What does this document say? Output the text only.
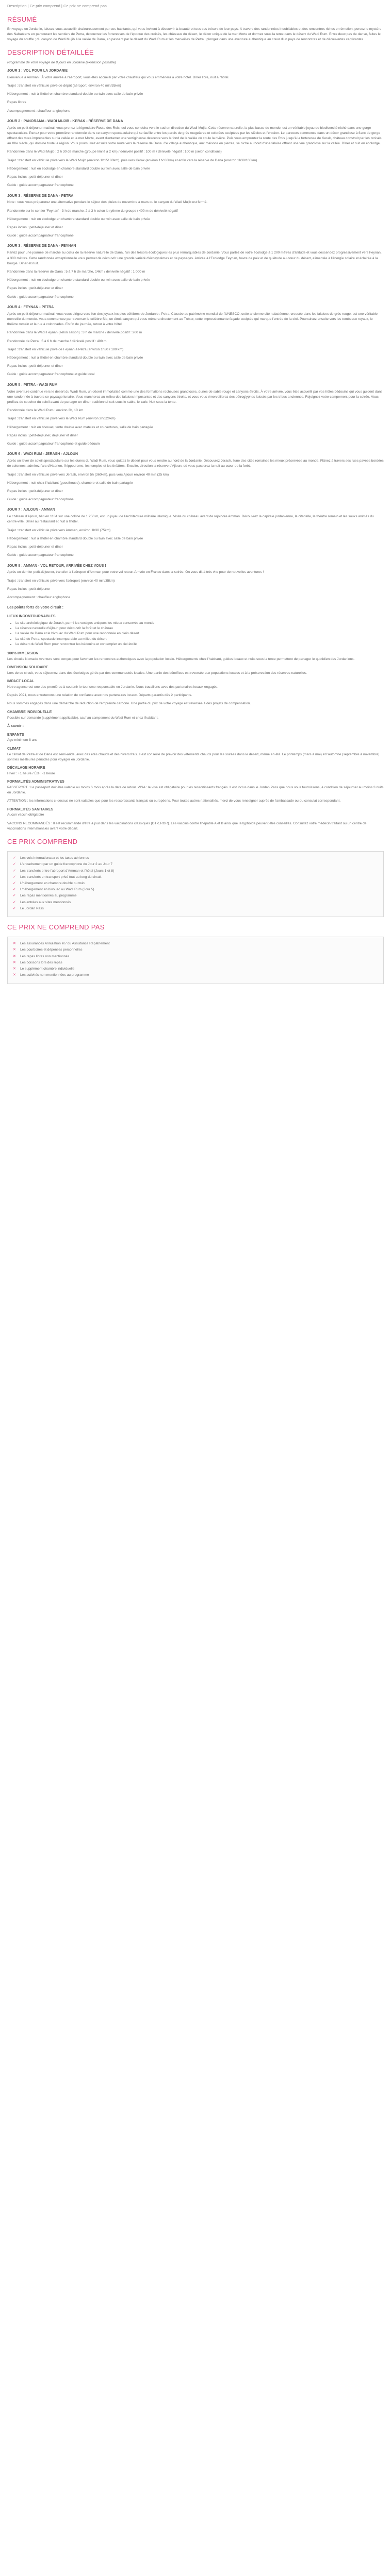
Description | Ce prix comprend | Ce prix ne comprend pas
RÉSUMÉ

En voyage en Jordanie, laissez-vous accueillir chaleureusement par ses habitants, qui vous invitent à découvrir la beauté et tous ses trésors de leur pays. À travers des randonnées inoubliables et des rencontres riches en émotion, percez le mystère des Nabatéens en parcourant les sentiers de Petra, découvrez les forteresses de l'époque des croisés, les châteaux du désert, le décor unique de la mer Morte et dormez sous la tente dans le désert du Wadi Rum. Entre deux pas de danse, faites le voyage du souffle ; du canyon de Wadi Mujib à la vallée de Dana, en passant par le désert du Wadi Rum et les merveilles de Petra : plongez dans une aventure authentique au cœur d'un pays de rencontres et de découvertes captivantes.

DESCRIPTION DÉTAILLÉE

Programme de votre voyage de 8 jours en Jordanie (extension possible)

JOUR 1 : VOL POUR LA JORDANIE

Bienvenue à Amman ! À votre arrivée à l'aéroport, vous êtes accueilli par votre chauffeur qui vous emmènera à votre hôtel. Dîner libre, nuit à l'hôtel.

Trajet : transfert en véhicule privé de dépôt (aéroport, environ 40 min/35km)

Hébergement : nuit à l'hôtel en chambre standard double ou twin avec salle de bain privée

Repas libres

Accompagnement : chauffeur anglophone

JOUR 2 : PANORAMA - WADI MUJIB - KERAK - RÉSERVE DE DANA

Après un petit-déjeuner matinal, vous prenez la légendaire Route des Rois, qui vous conduira vers le sud en direction du Wadi Mujib. Cette réserve naturelle, la plus basse du monde, est un véritable joyau de biodiversité niché dans une gorge spectaculaire. Partez pour votre première randonnée dans ce canyon spectaculaire qui se faufile entre les parois de grès rougeâtres et colorées sculptées par les siècles et l'érosion. Le parcours commence dans un décor grandiose à flanc de gorge offrant des vues imprenables sur la vallée et la mer Morte, avant d'entamer une vertigineuse descente vers le fond de la vallée où coule la rivière. Puis vous empruntez la route des Rois jusqu'à la forteresse de Kerak, château construit par les croisés au XIIe siècle, qui domine toute la région. Vous poursuivez ensuite votre route vers la réserve de Dana. Ce village authentique, aux maisons en pierres, se niche au bord d'une falaise offrant une vue grandiose sur la vallée. Dîner et nuit en écolodge.

Randonnée dans le Wadi Mujib : 2 h 30 de marche (groupe limité à 2 km) / dénivelé positif : 100 m / dénivelé négatif : 100 m (selon conditions)

Trajet : transfert en véhicule privé vers le Wadi Mujib (environ 1h15/ 80km), puis vers Kerak (environ 1h/ 60km) et enfin vers la réserve de Dana (environ 1h30/100km)

Hébergement : nuit en écolodge en chambre standard double ou twin avec salle de bain privée

Repas inclus : petit-déjeuner et dîner

Guide : guide accompagnateur francophone

JOUR 3 : RÉSERVE DE DANA - PETRA

Note : vous vous préparerez une alternative pendant le séjour des pluies de novembre à mars ou le canyon du Wadi Mujib est fermé.

Randonnée sur le sentier 'Feynan' - 3 h de marche, 2 à 3 h selon le rythme du groupe / 400 m de dénivelé négatif

Hébergement : nuit en écolodge en chambre standard double ou twin avec salle de bain privée

Repas inclus : petit-déjeuner et dîner

Guide : guide accompagnateur francophone

JOUR 3 : RÉSERVE DE DANA - FEYNAN

Partez pour une journée de marche au cœur de la réserve naturelle de Dana, l'un des trésors écologiques les plus remarquables de Jordanie. Vous partez de votre écolodge à 1 200 mètres d'altitude et vous descendez progressivement vers Feynan, à 300 mètres. Cette randonnée exceptionnelle vous permet de découvrir une grande variété d'écosystèmes et de paysages. Arrivée à l'Ecolodge Feynan, havre de paix et de quiétude au cœur du désert, alimentée à l'énergie solaire et éclairée à la bougie. Dîner et nuit.

Randonnée dans la réserve de Dana : 5 à 7 h de marche, 14km / dénivelé négatif : 1 000 m

Hébergement : nuit en écolodge en chambre standard double ou twin avec salle de bain privée

Repas inclus : petit-déjeuner et dîner

Guide : guide accompagnateur francophone

JOUR 4 : FEYNAN - PETRA

Après un petit-déjeuner matinal, vous vous dirigez vers l'un des joyaux les plus célèbres de Jordanie : Petra. Classée au patrimoine mondial de l'UNESCO, cette ancienne cité nabatéenne, creusée dans les falaises de grès rouge, est une véritable merveille du monde. Vous commencez par traverser le célèbre Siq, un étroit canyon qui vous mènera directement au Trésor, cette impressionnante façade sculptée qui marque l'entrée de la cité. Poursuivez ensuite vers les tombeaux royaux, le théâtre romain et la rue à colonnades. En fin de journée, retour à votre hôtel.

Randonnée dans le Wadi Feynan (selon saison) : 3 h de marche / dénivelé positif : 200 m

Randonnée de Petra : 5 à 6 h de marche / dénivelé positif : 400 m

Trajet : transfert en véhicule privé de Feynan à Petra (environ 1h30 / 100 km)

Hébergement : nuit à l'hôtel en chambre standard double ou twin avec salle de bain privée

Repas inclus : petit-déjeuner et dîner

Guide : guide accompagnateur francophone et guide local

JOUR 5 : PETRA - WADI RUM

Votre aventure continue vers le désert du Wadi Rum, un désert immortalisé comme une des formations rocheuses grandioses, dunes de sable rouge et canyons étroits. À votre arrivée, vous êtes accueilli par vos hôtes bédouins qui vous guident dans une randonnée à travers ce paysage lunaire. Vous marcherez au milieu des falaises imposantes et des canyons étroits, et vous vous émerveillerez des pétroglyphes laissés par les tribus anciennes. Rejoignez votre campement pour la soirée. Vous profitez du coucher du soleil avant de partager un dîner traditionnel cuit sous le sable, le zarb. Nuit sous la tente.

Randonnée dans le Wadi Rum : environ 3h, 10 km

Trajet : transfert en véhicule privé vers le Wadi Rum (environ 2h/120km)

Hébergement : nuit en bivouac, tente double avec matelas et couvertures, salle de bain partagée

Repas inclus : petit-déjeuner, déjeuner et dîner

Guide : guide accompagnateur francophone et guide bédouin

JOUR 6 : WADI RUM - JERASH - AJLOUN

Après un lever de soleil spectaculaire sur les dunes du Wadi Rum, vous quittez le désert pour vous rendre au nord de la Jordanie. Découvrez Jerash, l'une des cités romaines les mieux préservées au monde. Flânez à travers ses rues pavées bordées de colonnes, admirez l'arc d'Hadrien, l'hippodrome, les temples et les théâtres. Ensuite, direction la réserve d'Ajloun, où vous passerez la nuit au cœur de la forêt.

Trajet : transfert en véhicule privé vers Jerash, environ 5h (360km), puis vers Ajloun environ 40 min (25 km)

Hébergement : nuit chez l'habitant (guesthouse), chambre et salle de bain partagée

Repas inclus : petit-déjeuner et dîner

Guide : guide accompagnateur francophone

JOUR 7 : AJLOUN - AMMAN

Le château d'Ajloun, bâti en 1184 sur une colline de 1 250 m, est un joyau de l'architecture militaire islamique. Visite du château avant de rejoindre Amman. Découvrez la capitale jordanienne, la citadelle, le théâtre romain et les souks animés du centre-ville. Dîner au restaurant et nuit à l'hôtel.

Trajet : transfert en véhicule privé vers Amman, environ 1h30 (75km)

Hébergement : nuit à l'hôtel en chambre standard double ou twin avec salle de bain privée

Repas inclus : petit-déjeuner et dîner

Guide : guide accompagnateur francophone

JOUR 8 : AMMAN - VOL RETOUR, ARRIVÉE CHEZ VOUS !

Après un dernier petit-déjeuner, transfert à l'aéroport d'Amman pour votre vol retour. Arrivée en France dans la soirée. On vous dit à très vite pour de nouvelles aventures !

Trajet : transfert en véhicule privé vers l'aéroport (environ 40 min/35km)

Repas inclus : petit-déjeuner

Accompagnement : chauffeur anglophone

Les points forts de votre circuit :

LIEUX INCONTOURNABLES
• Le site archéologique de Jerash, parmi les vestiges antiques les mieux conservés au monde
• La réserve naturelle d'Ajloun pour découvrir la forêt et le château
• La vallée de Dana et le bivouac du Wadi Rum pour une randonnée en plein désert
• La cité de Petra, spectacle incomparable au milieu du désert
• Le désert du Wadi Rum pour rencontrer les bédouins et contempler un ciel étoilé
100% IMMERSION

Les circuits Nomade Aventure sont conçus pour favoriser les rencontres authentiques avec la population locale. Hébergements chez l'habitant, guides locaux et nuits sous la tente permettent de partager le quotidien des Jordaniens.

DIMENSION SOLIDAIRE

Lors de ce circuit, vous séjournez dans des écolodges gérés par des communautés locales. Une partie des bénéfices est reversée aux populations locales et à la préservation des réserves naturelles.

IMPACT LOCAL

Notre agence est une des premières à soutenir le tourisme responsable en Jordanie. Nous travaillons avec des partenaires locaux engagés.

Depuis 2021, nous entretenons une relation de confiance avec nos partenaires locaux. Départs garantis dès 2 participants.

Nous sommes engagés dans une démarche de réduction de l'empreinte carbone. Une partie du prix de votre voyage est reversée à des projets de compensation.

CHAMBRE INDIVIDUELLE

Possible sur demande (supplément applicable), sauf au campement du Wadi Rum et chez l'habitant.

À savoir :

ENFANTS

Âge minimum 8 ans

CLIMAT

Le climat de Petra et de Dana est semi-aride, avec des étés chauds et des hivers frais. Il est conseillé de prévoir des vêtements chauds pour les soirées dans le désert, même en été. Le printemps (mars à mai) et l'automne (septembre à novembre) sont les meilleures périodes pour voyager en Jordanie.

DÉCALAGE HORAIRE

Hiver : +1 heure / Été : -1 heure

FORMALITÉS ADMINISTRATIVES

PASSEPORT : Le passeport doit être valable au moins 6 mois après la date de retour. VISA : le visa est obligatoire pour les ressortissants français. Il est inclus dans le Jordan Pass que nous vous fournissons, à condition de séjourner au moins 3 nuits en Jordanie.

ATTENTION : les informations ci-dessus ne sont valables que pour les ressortissants français ou européens. Pour toutes autres nationalités, merci de vous renseigner auprès de l'ambassade ou du consulat correspondant.

FORMALITÉS SANITAIRES

Aucun vaccin obligatoire

VACCINS RECOMMANDÉS : Il est recommandé d'être à jour dans les vaccinations classiques (DTP, ROR). Les vaccins contre l'hépatite A et B ainsi que la typhoïde peuvent être conseillés. Consultez votre médecin traitant ou un centre de vaccinations internationales avant votre départ.

CE PRIX COMPREND
✓ Les vols internationaux et les taxes aériennes
✓ L'encadrement par un guide francophone du Jour 2 au Jour 7
✓ Les transferts entre l'aéroport d'Amman et l'hôtel (Jours 1 et 8)
✓ Les transferts en transport privé tout au long du circuit
✓ L'hébergement en chambre double ou twin
✓ L'hébergement en bivouac au Wadi Rum (Jour 5)
✓ Les repas mentionnés au programme
✓ Les entrées aux sites mentionnés
✓ Le Jordan Pass
CE PRIX NE COMPREND PAS
✕ Les assurances Annulation et / ou Assistance Rapatriement
✕ Les pourboires et dépenses personnelles
✕ Les repas libres non mentionnés
✕ Les boissons lors des repas
✕ Le supplément chambre individuelle
✕ Les activités non mentionnées au programme
